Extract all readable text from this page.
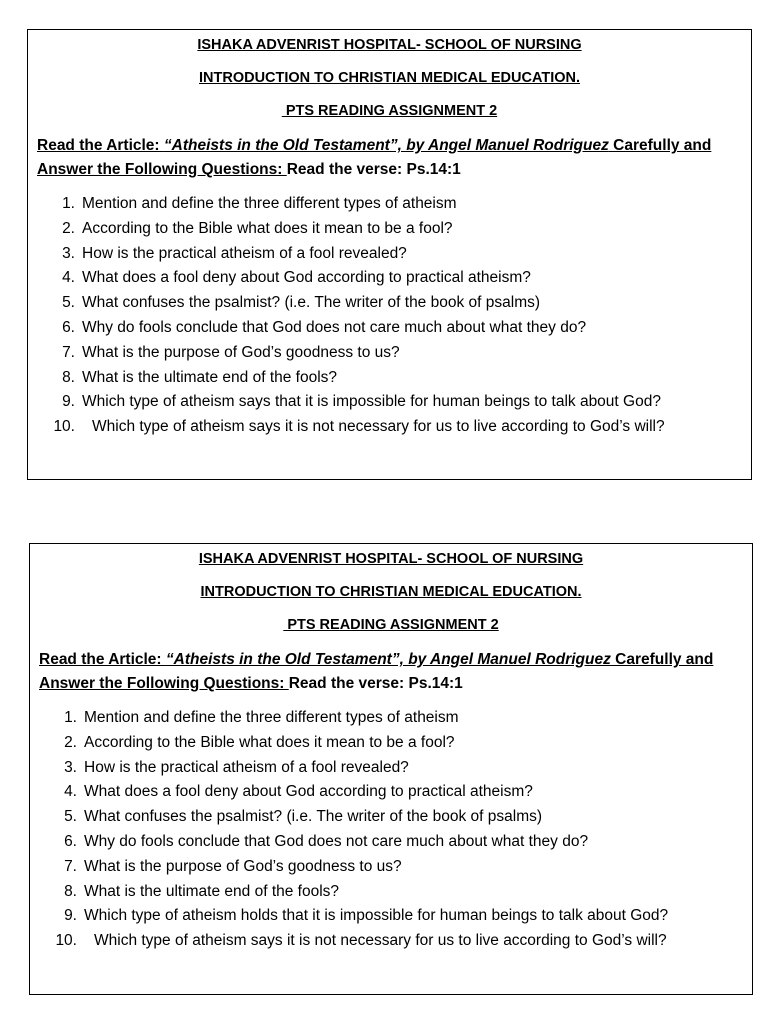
ISHAKA ADVENRIST HOSPITAL- SCHOOL OF NURSING
INTRODUCTION TO CHRISTIAN MEDICAL EDUCATION.
PTS READING ASSIGNMENT 2
Read the Article: “Atheists in the Old Testament”, by Angel Manuel Rodriguez Carefully and Answer the Following Questions: Read the verse: Ps.14:1
1. Mention and define the three different types of atheism
2. According to the Bible what does it mean to be a fool?
3. How is the practical atheism of a fool revealed?
4. What does a fool deny about God according to practical atheism?
5. What confuses the psalmist? (i.e. The writer of the book of psalms)
6. Why do fools conclude that God does not care much about what they do?
7. What is the purpose of God’s goodness to us?
8. What is the ultimate end of the fools?
9. Which type of atheism says that it is impossible for human beings to talk about God?
10. Which type of atheism says it is not necessary for us to live according to God’s will?
ISHAKA ADVENRIST HOSPITAL- SCHOOL OF NURSING
INTRODUCTION TO CHRISTIAN MEDICAL EDUCATION.
PTS READING ASSIGNMENT 2
Read the Article: “Atheists in the Old Testament”, by Angel Manuel Rodriguez Carefully and Answer the Following Questions: Read the verse: Ps.14:1
1. Mention and define the three different types of atheism
2. According to the Bible what does it mean to be a fool?
3. How is the practical atheism of a fool revealed?
4. What does a fool deny about God according to practical atheism?
5. What confuses the psalmist? (i.e. The writer of the book of psalms)
6. Why do fools conclude that God does not care much about what they do?
7. What is the purpose of God’s goodness to us?
8. What is the ultimate end of the fools?
9. Which type of atheism holds that it is impossible for human beings to talk about God?
10. Which type of atheism says it is not necessary for us to live according to God’s will?
